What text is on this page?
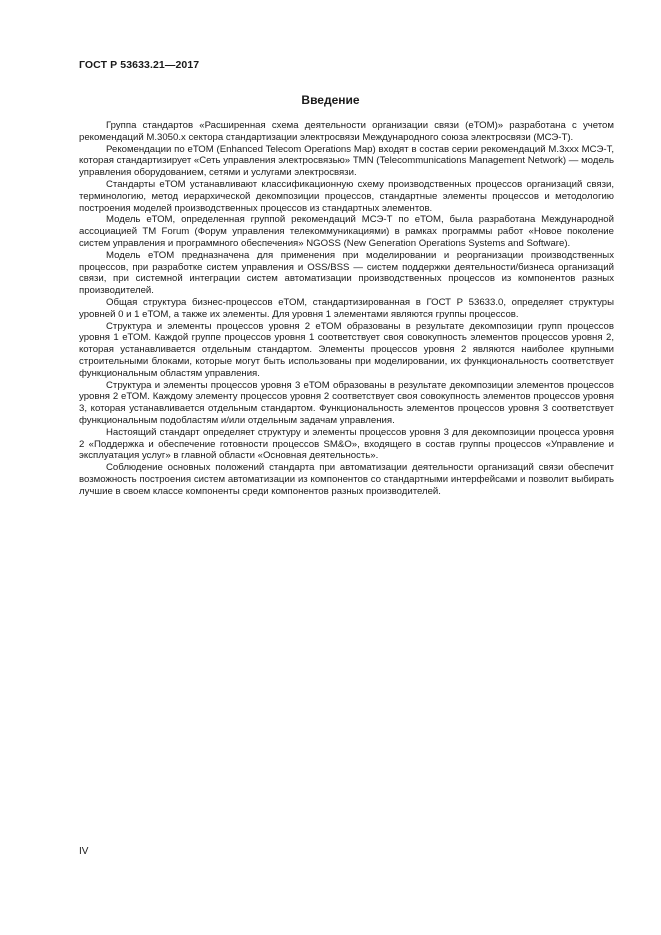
ГОСТ Р 53633.21—2017
Введение

Группа стандартов «Расширенная схема деятельности организации связи (еТОМ)» разработана с учетом рекомендаций М.3050.x сектора стандартизации электросвязи Международного союза электросвязи (МСЭ-Т).

Рекомендации по еТОМ (Enhanced Telecom Operations Map) входят в состав серии рекомендаций М.3xxx МСЭ-Т, которая стандартизирует «Сеть управления электросвязью» TMN (Telecommunications Management Network) — модель управления оборудованием, сетями и услугами электросвязи.

Стандарты еТОМ устанавливают классификационную схему производственных процессов организаций связи, терминологию, метод иерархической декомпозиции процессов, стандартные элементы процессов и методологию построения моделей производственных процессов из стандартных элементов.

Модель еТОМ, определенная группой рекомендаций МСЭ-Т по еТОМ, была разработана Международной ассоциацией TM Forum (Форум управления телекоммуникациями) в рамках программы работ «Новое поколение систем управления и программного обеспечения» NGOSS (New Generation Operations Systems and Software).

Модель еТОМ предназначена для применения при моделировании и реорганизации производственных процессов, при разработке систем управления и OSS/BSS — систем поддержки деятельности/бизнеса организаций связи, при системной интеграции систем автоматизации производственных процессов из компонентов разных производителей.

Общая структура бизнес-процессов еТОМ, стандартизированная в ГОСТ Р 53633.0, определяет структуры уровней 0 и 1 еТОМ, а также их элементы. Для уровня 1 элементами являются группы процессов.

Структура и элементы процессов уровня 2 еТОМ образованы в результате декомпозиции групп процессов уровня 1 еТОМ. Каждой группе процессов уровня 1 соответствует своя совокупность элементов процессов уровня 2, которая устанавливается отдельным стандартом. Элементы процессов уровня 2 являются наиболее крупными строительными блоками, которые могут быть использованы при моделировании, их функциональность соответствует функциональным областям управления.

Структура и элементы процессов уровня 3 еТОМ образованы в результате декомпозиции элементов процессов уровня 2 еТОМ. Каждому элементу процессов уровня 2 соответствует своя совокупность элементов процессов уровня 3, которая устанавливается отдельным стандартом. Функциональность элементов процессов уровня 3 соответствует функциональным подобластям и/или отдельным задачам управления.

Настоящий стандарт определяет структуру и элементы процессов уровня 3 для декомпозиции процесса уровня 2 «Поддержка и обеспечение готовности процессов SM&O», входящего в состав группы процессов «Управление и эксплуатация услуг» в главной области «Основная деятельность».

Соблюдение основных положений стандарта при автоматизации деятельности организаций связи обеспечит возможность построения систем автоматизации из компонентов со стандартными интерфейсами и позволит выбирать лучшие в своем классе компоненты среди компонентов разных производителей.

IV
